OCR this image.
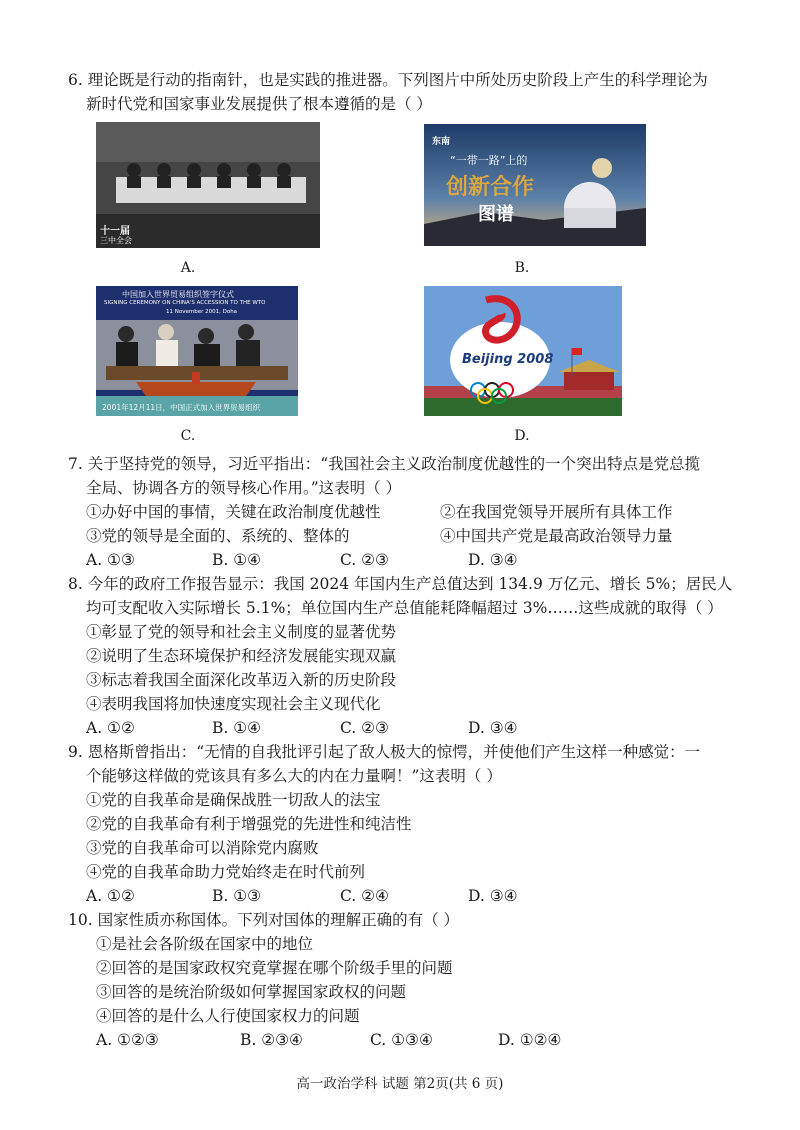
6. 理论既是行动的指南针，也是实践的推进器。下列图片中所处历史阶段上产生的科学理论为
新时代党和国家事业发展提供了根本遵循的是（ ）
十一届
三中全会
A.
东南
“一带一路”上的
创新合作
图谱
B.
中国加入世界贸易组织签字仪式
SIGNING CEREMONY ON CHINA'S ACCESSION TO THE WTO
11 November 2001, Doha
2001年12月11日，中国正式加入世界贸易组织
C.
Beijing 2008
D.
7. 关于坚持党的领导，习近平指出：“我国社会主义政治制度优越性的一个突出特点是党总揽
全局、协调各方的领导核心作用。”这表明（ ）
①办好中国的事情，关键在政治制度优越性	②在我国党领导开展所有具体工作
③党的领导是全面的、系统的、整体的	④中国共产党是最高政治领导力量
A. ①③	B. ①④	C. ②③	D. ③④
8. 今年的政府工作报告显示：我国 2024 年国内生产总值达到 134.9 万亿元、增长 5%；居民人
均可支配收入实际增长 5.1%；单位国内生产总值能耗降幅超过 3%……这些成就的取得（ ）
①彰显了党的领导和社会主义制度的显著优势
②说明了生态环境保护和经济发展能实现双赢
③标志着我国全面深化改革迈入新的历史阶段
④表明我国将加快速度实现社会主义现代化
A. ①②	B. ①④	C. ②③	D. ③④
9. 恩格斯曾指出：“无情的自我批评引起了敌人极大的惊愕，并使他们产生这样一种感觉：一
个能够这样做的党该具有多么大的内在力量啊！”这表明（ ）
①党的自我革命是确保战胜一切敌人的法宝
②党的自我革命有利于增强党的先进性和纯洁性
③党的自我革命可以消除党内腐败
④党的自我革命助力党始终走在时代前列
A. ①②	B. ①③	C. ②④	D. ③④
10. 国家性质亦称国体。下列对国体的理解正确的有（ ）
①是社会各阶级在国家中的地位
②回答的是国家政权究竟掌握在哪个阶级手里的问题
③回答的是统治阶级如何掌握国家政权的问题
④回答的是什么人行使国家权力的问题
A. ①②③	B. ②③④	C. ①③④	D. ①②④
高一政治学科 试题 第2页(共 6 页)
